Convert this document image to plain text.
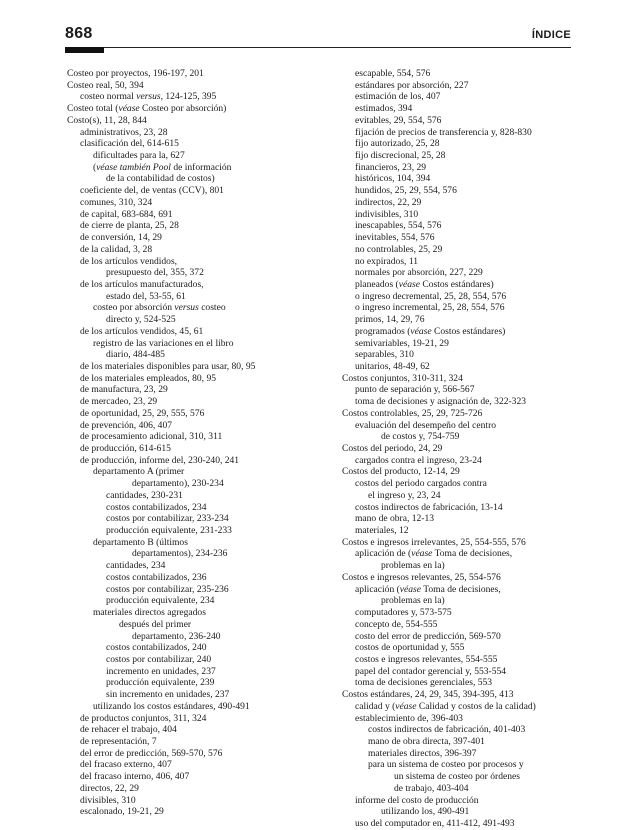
868	ÍNDICE
Costeo por proyectos, 196-197, 201
Costeo real, 50, 394
costeo normal versus, 124-125, 395
Costeo total (véase Costeo por absorción)
Costo(s), 11, 28, 844
administrativos, 23, 28
clasificación del, 614-615
dificultades para la, 627
(véase también Pool de información
de la contabilidad de costos)
coeficiente del, de ventas (CCV), 801
comunes, 310, 324
de capital, 683-684, 691
de cierre de planta, 25, 28
de conversión, 14, 29
de la calidad, 3, 28
de los artículos vendidos,
presupuesto del, 355, 372
de los artículos manufacturados,
estado del, 53-55, 61
costeo por absorción versus costeo
directo y, 524-525
de los artículos vendidos, 45, 61
registro de las variaciones en el libro
diario, 484-485
de los materiales disponibles para usar, 80, 95
de los materiales empleados, 80, 95
de manufactura, 23, 29
de mercadeo, 23, 29
de oportunidad, 25, 29, 555, 576
de prevención, 406, 407
de procesamiento adicional, 310, 311
de producción, 614-615
de producción, informe del, 230-240, 241
departamento A (primer
departamento), 230-234
cantidades, 230-231
costos contabilizados, 234
costos por contabilizar, 233-234
producción equivalente, 231-233
departamento B (últimos
departamentos), 234-236
cantidades, 234
costos contabilizados, 236
costos por contabilizar, 235-236
producción equivalente, 234
materiales directos agregados
después del primer
departamento, 236-240
costos contabilizados, 240
costos por contabilizar, 240
incremento en unidades, 237
producción equivalente, 239
sin incremento en unidades, 237
utilizando los costos estándares, 490-491
de productos conjuntos, 311, 324
de rehacer el trabajo, 404
de representación, 7
del error de predicción, 569-570, 576
del fracaso externo, 407
del fracaso interno, 406, 407
directos, 22, 29
divisibles, 310
escalonado, 19-21, 29
escapable, 554, 576
estándares por absorción, 227
estimación de los, 407
estimados, 394
evitables, 29, 554, 576
fijación de precios de transferencia y, 828-830
fijo autorizado, 25, 28
fijo discrecional, 25, 28
financieros, 23, 29
históricos, 104, 394
hundidos, 25, 29, 554, 576
indirectos, 22, 29
indivisibles, 310
inescapables, 554, 576
inevitables, 554, 576
no controlables, 25, 29
no expirados, 11
normales por absorción, 227, 229
planeados (véase Costos estándares)
o ingreso decremental, 25, 28, 554, 576
o ingreso incremental, 25, 28, 554, 576
primos, 14, 29, 76
programados (véase Costos estándares)
semivariables, 19-21, 29
separables, 310
unitarios, 48-49, 62
Costos conjuntos, 310-311, 324
punto de separación y, 566-567
toma de decisiones y asignación de, 322-323
Costos controlables, 25, 29, 725-726
evaluación del desempeño del centro
de costos y, 754-759
Costos del periodo, 24, 29
cargados contra el ingreso, 23-24
Costos del producto, 12-14, 29
costos del periodo cargados contra
el ingreso y, 23, 24
costos indirectos de fabricación, 13-14
mano de obra, 12-13
materiales, 12
Costos e ingresos irrelevantes, 25, 554-555, 576
aplicación de (véase Toma de decisiones,
problemas en la)
Costos e ingresos relevantes, 25, 554-576
aplicación (véase Toma de decisiones,
problemas en la)
computadores y, 573-575
concepto de, 554-555
costo del error de predicción, 569-570
costos de oportunidad y, 555
costos e ingresos relevantes, 554-555
papel del contador gerencial y, 553-554
toma de decisiones gerenciales, 553
Costos estándares, 24, 29, 345, 394-395, 413
calidad y (véase Calidad y costos de la calidad)
establecimiento de, 396-403
costos indirectos de fabricación, 401-403
mano de obra directa, 397-401
materiales directos, 396-397
para un sistema de costeo por procesos y
un sistema de costeo por órdenes
de trabajo, 403-404
informe del costo de producción
utilizando los, 490-491
uso del computador en, 411-412, 491-493
